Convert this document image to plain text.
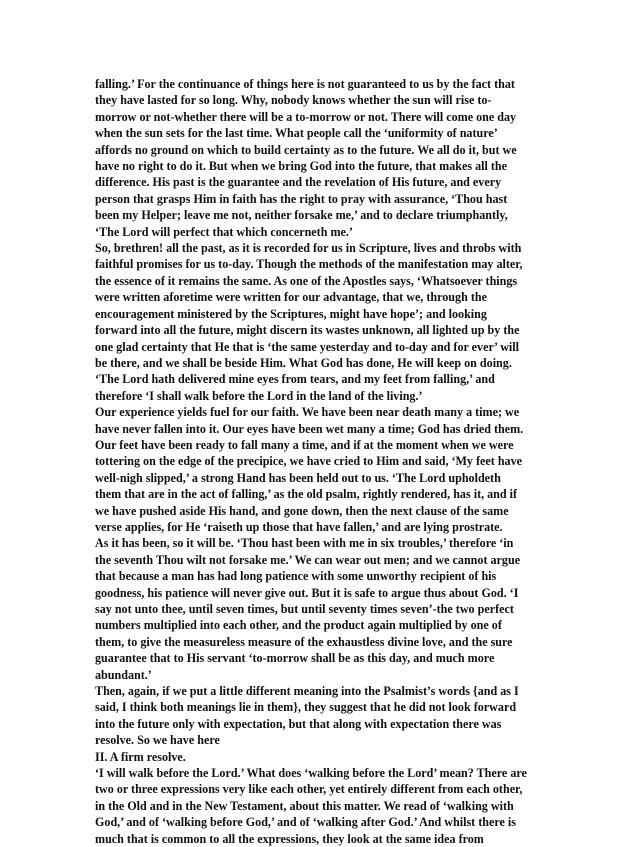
falling.’ For the continuance of things here is not guaranteed to us by the fact that
they have lasted for so long. Why, nobody knows whether the sun will rise to-
morrow or not-whether there will be a to-morrow or not. There will come one day
when the sun sets for the last time. What people call the ‘uniformity of nature’
affords no ground on which to build certainty as to the future. We all do it, but we
have no right to do it. But when we bring God into the future, that makes all the
difference. His past is the guarantee and the revelation of His future, and every
person that grasps Him in faith has the right to pray with assurance, ‘Thou hast
been my Helper; leave me not, neither forsake me,’ and to declare triumphantly,
‘The Lord will perfect that which concerneth me.’
So, brethren! all the past, as it is recorded for us in Scripture, lives and throbs with
faithful promises for us to-day. Though the methods of the manifestation may alter,
the essence of it remains the same. As one of the Apostles says, ‘Whatsoever things
were written aforetime were written for our advantage, that we, through the
encouragement ministered by the Scriptures, might have hope’; and looking
forward into all the future, might discern its wastes unknown, all lighted up by the
one glad certainty that He that is ‘the same yesterday and to-day and for ever’ will
be there, and we shall be beside Him. What God has done, He will keep on doing.
‘The Lord hath delivered mine eyes from tears, and my feet from falling,’ and
therefore ‘I shall walk before the Lord in the land of the living.’
Our experience yields fuel for our faith. We have been near death many a time; we
have never fallen into it. Our eyes have been wet many a time; God has dried them.
Our feet have been ready to fall many a time, and if at the moment when we were
tottering on the edge of the precipice, we have cried to Him and said, ‘My feet have
well-nigh slipped,’ a strong Hand has been held out to us. ‘The Lord upholdeth
them that are in the act of falling,’ as the old psalm, rightly rendered, has it, and if
we have pushed aside His hand, and gone down, then the next clause of the same
verse applies, for He ‘raiseth up those that have fallen,’ and are lying prostrate.
As it has been, so it will be. ‘Thou hast been with me in six troubles,’ therefore ‘in
the seventh Thou wilt not forsake me.’ We can wear out men; and we cannot argue
that because a man has had long patience with some unworthy recipient of his
goodness, his patience will never give out. But it is safe to argue thus about God. ‘I
say not unto thee, until seven times, but until seventy times seven’-the two perfect
numbers multiplied into each other, and the product again multiplied by one of
them, to give the measureless measure of the exhaustless divine love, and the sure
guarantee that to His servant ‘to-morrow shall be as this day, and much more
abundant.’
Then, again, if we put a little different meaning into the Psalmist’s words {and as I
said, I think both meanings lie in them}, they suggest that he did not look forward
into the future only with expectation, but that along with expectation there was
resolve. So we have here
II. A firm resolve.
‘I will walk before the Lord.’ What does ‘walking before the Lord’ mean? There are
two or three expressions very like each other, yet entirely different from each other,
in the Old and in the New Testament, about this matter. We read of ‘walking with
God,’ and of ‘walking before God,’ and of ‘walking after God.’ And whilst there is
much that is common to all the expressions, they look at the same idea from
